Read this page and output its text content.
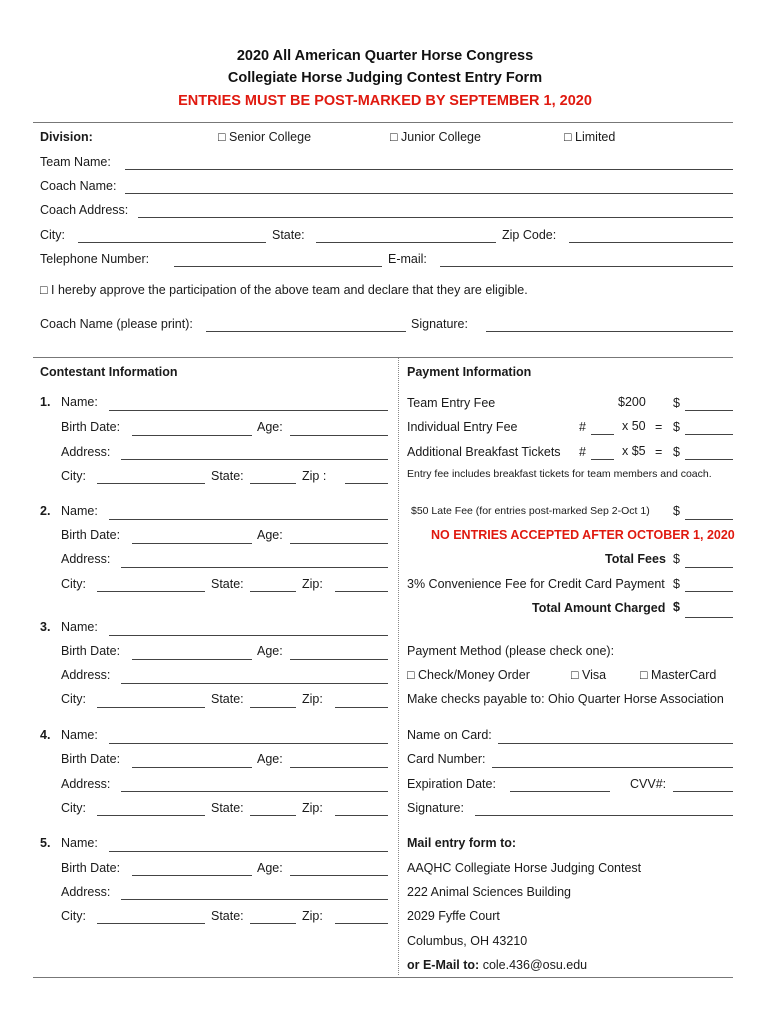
2020 All American Quarter Horse Congress
Collegiate Horse Judging Contest Entry Form
ENTRIES MUST BE POST-MARKED BY SEPTEMBER 1, 2020
Division:	□ Senior College	□ Junior College	□ Limited
Team Name:
Coach Name:
Coach Address:
City:	State:	Zip Code:
Telephone Number:	E-mail:
□ I hereby approve the participation of the above team and declare that they are eligible.
Coach Name (please print):	Signature:
Contestant Information
1. Name:
Birth Date:	Age:
Address:
City:	State:	Zip :
2. Name:
Birth Date:	Age:
Address:
City:	State:	Zip:
3. Name:
Birth Date:	Age:
Address:
City:	State:	Zip:
4. Name:
Birth Date:	Age:
Address:
City:	State:	Zip:
5. Name:
Birth Date:	Age:
Address:
City:	State:	Zip:
Payment Information
Team Entry Fee	$200 $
Individual Entry Fee	#	x 50 = $
Additional Breakfast Tickets #	x $5 = $
Entry fee includes breakfast tickets for team members and coach.
$50 Late Fee (for entries post-marked Sep 2-Oct 1) $
NO ENTRIES ACCEPTED AFTER OCTOBER 1, 2020
Total Fees $
3% Convenience Fee for Credit Card Payment $
Total Amount Charged $
Payment Method (please check one):
□ Check/Money Order	□ Visa	□ MasterCard
Make checks payable to: Ohio Quarter Horse Association
Name on Card:
Card Number:
Expiration Date:	CVV#:
Signature:
Mail entry form to:
AAQHC Collegiate Horse Judging Contest
222 Animal Sciences Building
2029 Fyffe Court
Columbus, OH 43210
or E-Mail to: cole.436@osu.edu
